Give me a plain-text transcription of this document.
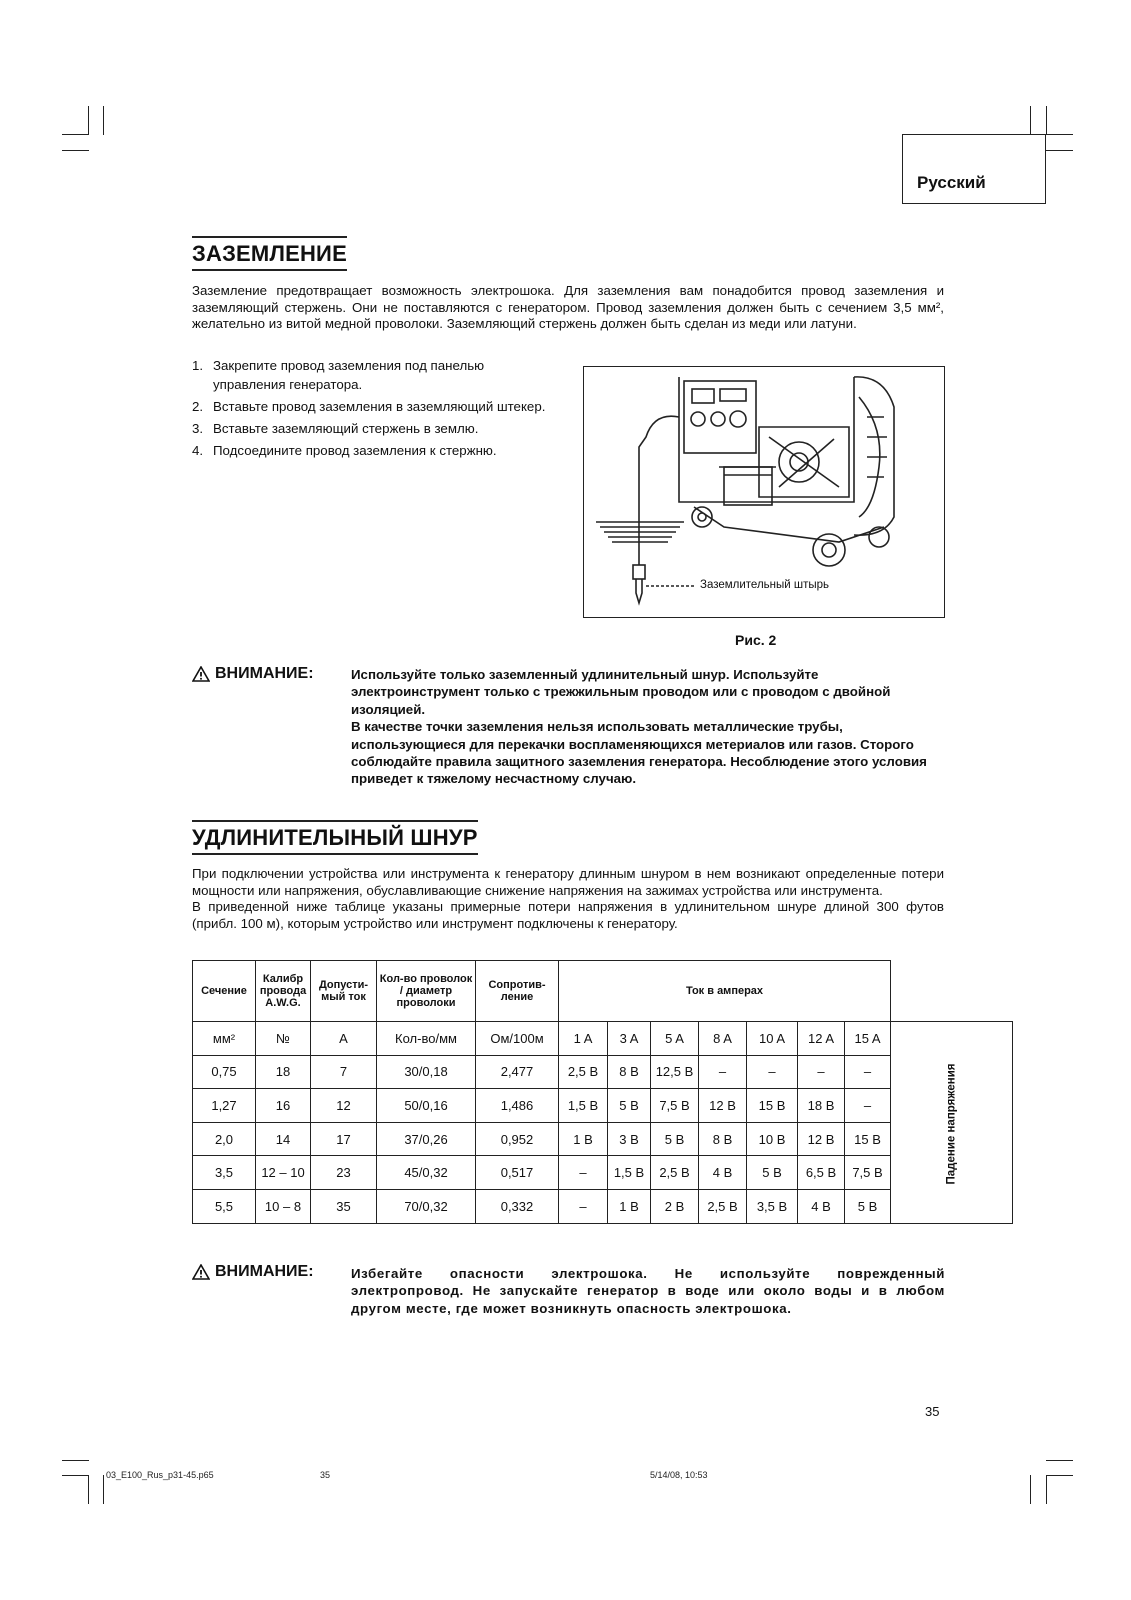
Русский
ЗАЗЕМЛЕНИЕ

Заземление предотвращает возможность электрошока. Для заземления вам понадобится провод заземления и заземляющий стержень. Они не поставляются с генератором. Провод заземления должен быть с сечением 3,5 мм², желательно из витой медной проволоки. Заземляющий стержень должен быть сделан из меди или латуни.

1. Закрепите провод заземления под панелью управления генератора.
2. Вставьте провод заземления в заземляющий штекер.
3. Вставьте заземляющий стержень в землю.
4. Подсоедините провод заземления к стержню.
Заземлительный штырь
Рис. 2
ВНИМАНИЕ:	Используйте только заземленный удлинительный шнур. Используйте электроинструмент только с трежжильным проводом или с проводом с двойной изоляцией.

В качестве точки заземления нельзя использовать металлические трубы, использующиеся для перекачки воспламеняющихся метериалов или газов. Сторого соблюдайте правила защитного заземления генератора. Несоблюдение этого условия приведет к тяжелому несчастному случаю.

УДЛИНИТЕЛЫНЫЙ ШНУР

При подключении устройства или инструмента к генератору длинным шнуром в нем возникают определенные потери мощности или напряжения, обуславливающие снижение напряжения на зажимах устройства или инструмента.

В приведенной ниже таблице указаны примерные потери напряжения в удлинительном шнуре длиной 300 футов (прибл. 100 м), которым устройство или инструмент подключены к генератору.

Сечение	Калибр провода A.W.G.	Допусти- мый ток	Кол-во проволок / диаметр проволоки	Сопротив- ление	Ток в амперах							
мм²	№	A	Кол-во/мм	Ом/100м	1 A	3 A	5 A	8 A	10 A	12 A	15 A	Падение напряжения
0,75	18	7	30/0,18	2,477	2,5 В	8 В	12,5 В	–	–	–	–	
1,27	16	12	50/0,16	1,486	1,5 В	5 В	7,5 В	12 В	15 В	18 В	–	
2,0	14	17	37/0,26	0,952	1 В	3 В	5 В	8 В	10 В	12 В	15 В	
3,5	12 – 10	23	45/0,32	0,517	–	1,5 В	2,5 В	4 В	5 В	6,5 В	7,5 В	
5,5	10 – 8	35	70/0,32	0,332	–	1 В	2 В	2,5 В	3,5 В	4 В	5 В	
ВНИМАНИЕ:	Избегайте опасности электрошока. Не используйте поврежденный электропровод. Не запускайте генератор в воде или около воды и в любом другом месте, где может возникнуть опасность электрошока.

35
03_E100_Rus_p31-45.p65	35	5/14/08, 10:53
